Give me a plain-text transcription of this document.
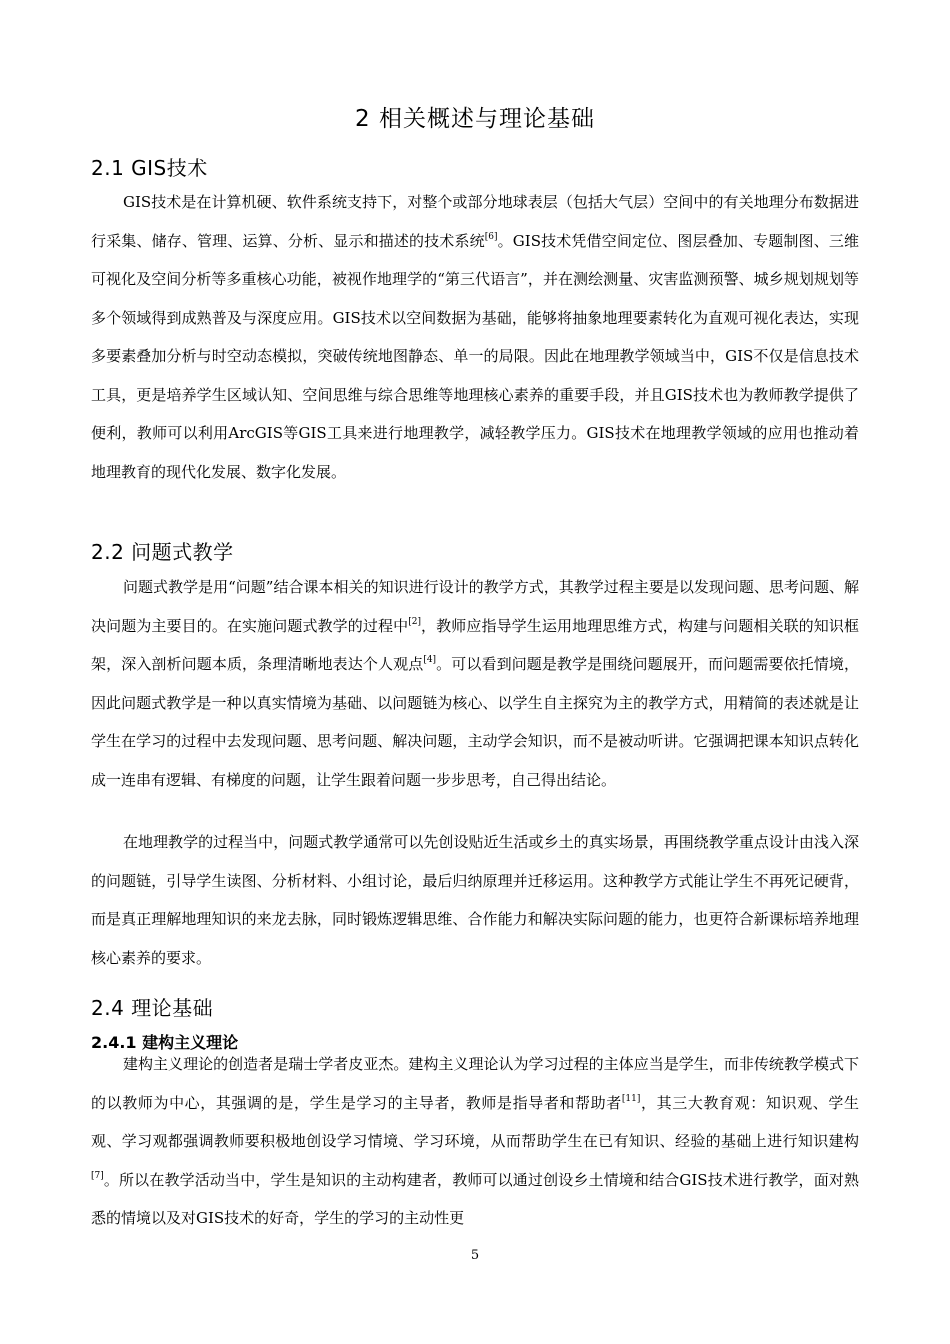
2 相关概述与理论基础
2.1 GIS技术

GIS技术是在计算机硬、软件系统支持下，对整个或部分地球表层（包括大气层）空间中的有关地理分布数据进行采集、储存、管理、运算、分析、显示和描述的技术系统[6]。GIS技术凭借空间定位、图层叠加、专题制图、三维可视化及空间分析等多重核心功能，被视作地理学的“第三代语言”，并在测绘测量、灾害监测预警、城乡规划规划等多个领域得到成熟普及与深度应用。GIS技术以空间数据为基础，能够将抽象地理要素转化为直观可视化表达，实现多要素叠加分析与时空动态模拟，突破传统地图静态、单一的局限。因此在地理教学领域当中，GIS不仅是信息技术工具，更是培养学生区域认知、空间思维与综合思维等地理核心素养的重要手段，并且GIS技术也为教师教学提供了便利，教师可以利用ArcGIS等GIS工具来进行地理教学，减轻教学压力。GIS技术在地理教学领域的应用也推动着地理教育的现代化发展、数字化发展。

2.2 问题式教学

问题式教学是用“问题”结合课本相关的知识进行设计的教学方式，其教学过程主要是以发现问题、思考问题、解决问题为主要目的。在实施问题式教学的过程中[2]，教师应指导学生运用地理思维方式，构建与问题相关联的知识框架，深入剖析问题本质，条理清晰地表达个人观点[4]。可以看到问题是教学是围绕问题展开，而问题需要依托情境，因此问题式教学是一种以真实情境为基础、以问题链为核心、以学生自主探究为主的教学方式，用精简的表述就是让学生在学习的过程中去发现问题、思考问题、解决问题，主动学会知识，而不是被动听讲。它强调把课本知识点转化成一连串有逻辑、有梯度的问题，让学生跟着问题一步步思考，自己得出结论。

在地理教学的过程当中，问题式教学通常可以先创设贴近生活或乡土的真实场景，再围绕教学重点设计由浅入深的问题链，引导学生读图、分析材料、小组讨论，最后归纳原理并迁移运用。这种教学方式能让学生不再死记硬背，而是真正理解地理知识的来龙去脉，同时锻炼逻辑思维、合作能力和解决实际问题的能力，也更符合新课标培养地理核心素养的要求。

2.4 理论基础
2.4.1 建构主义理论

建构主义理论的创造者是瑞士学者皮亚杰。建构主义理论认为学习过程的主体应当是学生，而非传统教学模式下的以教师为中心，其强调的是，学生是学习的主导者，教师是指导者和帮助者[11]，其三大教育观：知识观、学生观、学习观都强调教师要积极地创设学习情境、学习环境，从而帮助学生在已有知识、经验的基础上进行知识建构[7]。所以在教学活动当中，学生是知识的主动构建者，教师可以通过创设乡土情境和结合GIS技术进行教学，面对熟悉的情境以及对GIS技术的好奇，学生的学习的主动性更

5
